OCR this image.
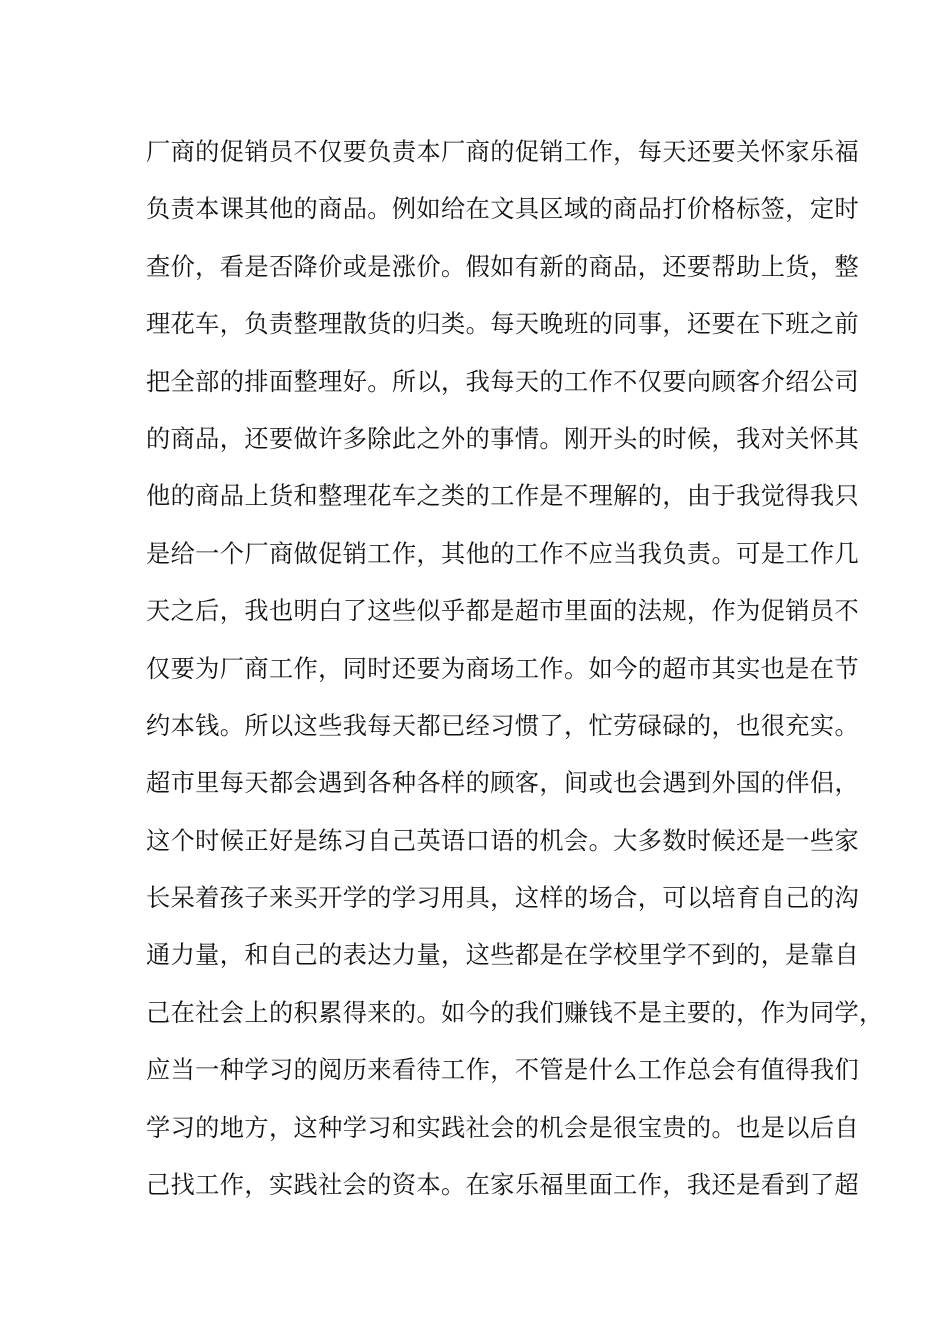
厂商的促销员不仅要负责本厂商的促销工作，每天还要关怀家乐福
负责本课其他的商品。例如给在文具区域的商品打价格标签，定时
查价，看是否降价或是涨价。假如有新的商品，还要帮助上货，整
理花车，负责整理散货的归类。每天晚班的同事，还要在下班之前
把全部的排面整理好。所以，我每天的工作不仅要向顾客介绍公司
的商品，还要做许多除此之外的事情。刚开头的时候，我对关怀其
他的商品上货和整理花车之类的工作是不理解的，由于我觉得我只
是给一个厂商做促销工作，其他的工作不应当我负责。可是工作几
天之后，我也明白了这些似乎都是超市里面的法规，作为促销员不
仅要为厂商工作，同时还要为商场工作。如今的超市其实也是在节
约本钱。所以这些我每天都已经习惯了，忙劳碌碌的，也很充实。
超市里每天都会遇到各种各样的顾客，间或也会遇到外国的伴侣，
这个时候正好是练习自己英语口语的机会。大多数时候还是一些家
长呆着孩子来买开学的学习用具，这样的场合，可以培育自己的沟
通力量，和自己的表达力量，这些都是在学校里学不到的，是靠自
己在社会上的积累得来的。如今的我们赚钱不是主要的，作为同学，
应当一种学习的阅历来看待工作，不管是什么工作总会有值得我们
学习的地方，这种学习和实践社会的机会是很宝贵的。也是以后自
己找工作，实践社会的资本。在家乐福里面工作，我还是看到了超
